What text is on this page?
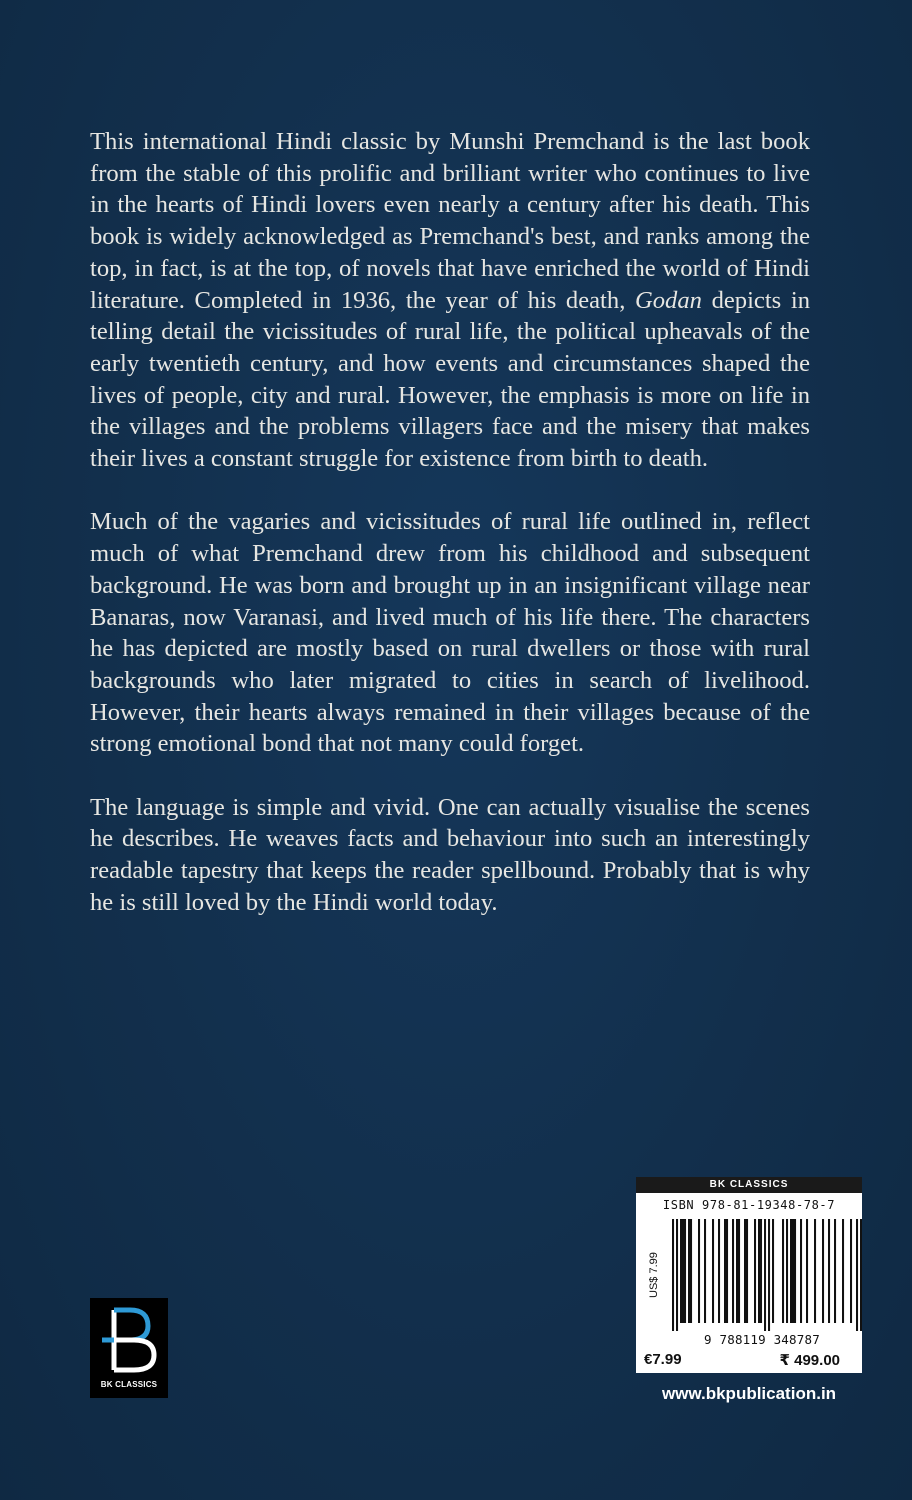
This international Hindi classic by Munshi Premchand is the last book from the stable of this prolific and brilliant writer who continues to live in the hearts of Hindi lovers even nearly a century after his death. This book is widely acknowledged as Premchand's best, and ranks among the top, in fact, is at the top, of novels that have enriched the world of Hindi literature. Completed in 1936, the year of his death, Godan depicts in telling detail the vicissitudes of rural life, the political upheavals of the early twentieth century, and how events and circumstances shaped the lives of people, city and rural. However, the emphasis is more on life in the villages and the problems villagers face and the misery that makes their lives a constant struggle for existence from birth to death.

Much of the vagaries and vicissitudes of rural life outlined in, reflect much of what Premchand drew from his childhood and subsequent background. He was born and brought up in an insignificant village near Banaras, now Varanasi, and lived much of his life there. The characters he has depicted are mostly based on rural dwellers or those with rural backgrounds who later migrated to cities in search of livelihood. However, their hearts always remained in their villages because of the strong emotional bond that not many could forget.

The language is simple and vivid. One can actually visualise the scenes he describes. He weaves facts and behaviour into such an interestingly readable tapestry that keeps the reader spellbound. Probably that is why he is still loved by the Hindi world today.

BK CLASSICS
BK CLASSICS
ISBN 978-81-19348-78-7
US$ 7.99
9 788119 348787
€7.99	₹ 499.00
www.bkpublication.in
